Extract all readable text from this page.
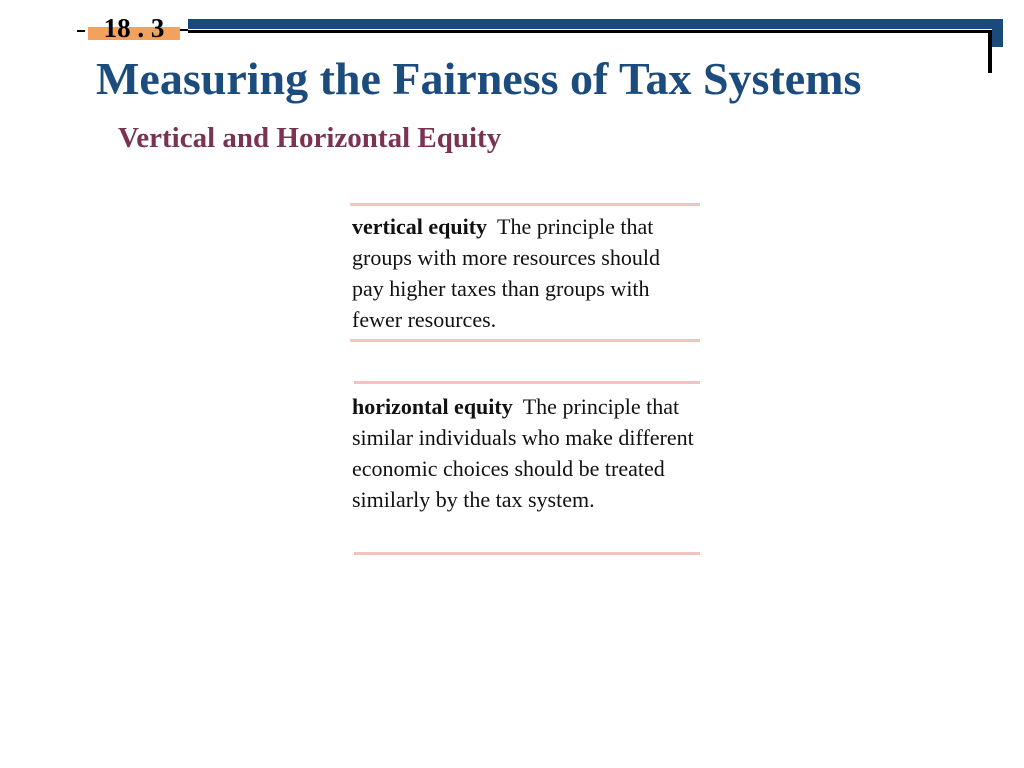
18 . 3
Measuring the Fairness of Tax Systems
Vertical and Horizontal Equity

vertical equity The principle that groups with more resources should pay higher taxes than groups with fewer resources.

horizontal equity The principle that similar individuals who make different economic choices should be treated similarly by the tax system.
